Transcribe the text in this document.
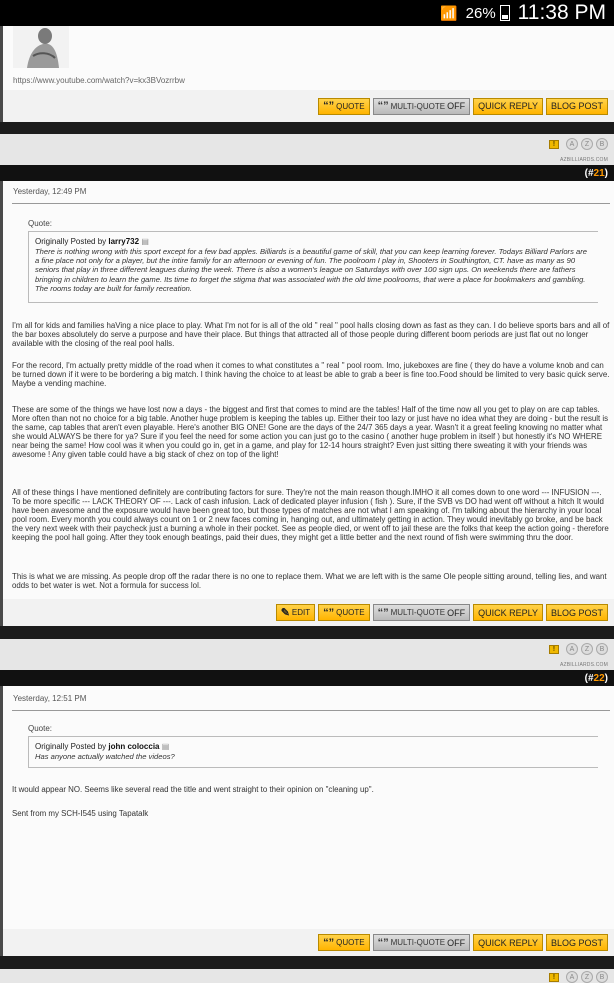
📶 26% 11:38 PM
https://www.youtube.com/watch?v=kx3BVozrrbw
“” QUOTE “” MULTI-QUOTE OFF	QUICK REPLY	BLOG POST
!	A	Z	B
AZBILLIARDS.COM
(#21)
Yesterday, 12:49 PM
Quote:
Originally Posted by larry732 ▤
There is nothing wrong with this sport except for a few bad apples. Billiards is a beautiful game of skill, that you can keep learning forever. Todays Billiard Parlors are a fine place not only for a player, but the intire family for an afternoon or evening of fun. The poolroom I play in, Shooters in Southington, CT. have as many as 90 seniors that play in three different leagues during the week. There is also a women's league on Saturdays with over 100 sign ups. On weekends there are fathers bringing in children to learn the game. Its time to forget the stigma that was associated with the old time poolrooms, that were a place for bookmakers and gambling. The rooms today are built for family recreation.
I'm all for kids and families haVing a nice place to play. What I'm not for is all of the old " real " pool halls closing down as fast as they can. I do believe sports bars and all of the bar boxes absolutely do serve a purpose and have their place. But things that attracted all of those people during different boom periods are just flat out no longer available with the closing of the real pool halls.
For the record, I'm actually pretty middle of the road when it comes to what constitutes a " real " pool room. Imo, jukeboxes are fine ( they do have a volume knob and can be turned down if it were to be bordering a big match. I think having the choice to at least be able to grab a beer is fine too.Food should be limited to very basic quick serve. Maybe a vending machine.
These are some of the things we have lost now a days - the biggest and first that comes to mind are the tables! Half of the time now all you get to play on are cap tables. More often than not no choice for a big table. Another huge problem is keeping the tables up. Either their too lazy or just have no idea what they are doing - but the result is the same, cap tables that aren't even playable. Here's another BIG ONE! Gone are the days of the 24/7 365 days a year. Wasn't it a great feeling knowing no matter what she would ALWAYS be there for ya? Sure if you feel the need for some action you can just go to the casino ( another huge problem in itself ) but honestly it's NO WHERE near being the same! How cool was it when you could go in, get in a game, and play for 12-14 hours straight? Even just sitting there sweating it with your friends was awesome ! Any given table could have a big stack of chez on top of the light!
All of these things I have mentioned definitely are contributing factors for sure. They're not the main reason though.IMHO it all comes down to one word --- INFUSION ---. To be more specific --- LACK THEORY OF ---. Lack of cash infusion. Lack of dedicated player infusion ( fish ). Sure, if the SVB vs DO had went off without a hitch It would have been awesome and the exposure would have been great too, but those types of matches are not what I am speaking of. I'm talking about the hierarchy in your local pool room. Every month you could always count on 1 or 2 new faces coming in, hanging out, and ultimately getting in action. They would inevitably go broke, and be back the very next week with their paycheck just a burning a whole in their pocket. See as people died, or went off to jail these are the folks that keep the action going - therefore keeping the pool hall going. After they took enough beatings, paid their dues, they might get a little better and the next round of fish were swimming thru the door.
This is what we are missing. As people drop off the radar there is no one to replace them. What we are left with is the same Ole people sitting around, telling lies, and want odds to bet water is wet. Not a formula for success lol.
✎ EDIT “” QUOTE “” MULTI-QUOTE OFF	QUICK REPLY	BLOG POST
!	A	Z	B
AZBILLIARDS.COM
(#22)
Yesterday, 12:51 PM
Quote:
Originally Posted by john coloccia ▤
Has anyone actually watched the videos?
It would appear NO. Seems like several read the title and went straight to their opinion on "cleaning up".
Sent from my SCH-I545 using Tapatalk
“” QUOTE “” MULTI-QUOTE OFF	QUICK REPLY	BLOG POST
!	A	Z	B
